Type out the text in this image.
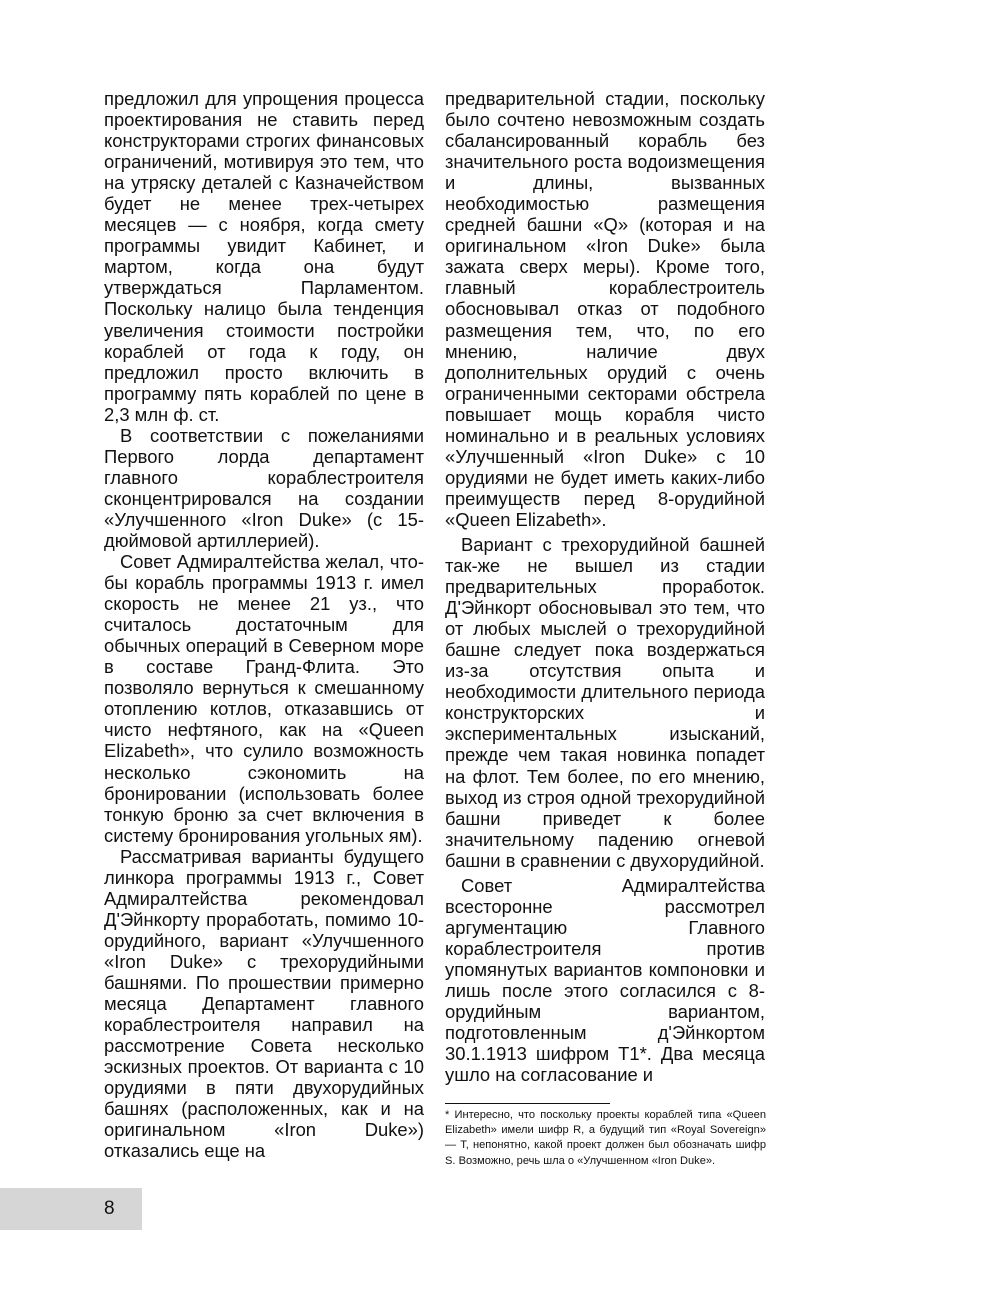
предложил для упрощения процесса проектирования не ставить перед конструкторами строгих финансовых ограничений, мотивируя это тем, что на утряску деталей с Казначейством будет не менее трех-четырех месяцев — с ноября, когда смету программы увидит Кабинет, и мартом, когда она будут утверждаться Парламентом. Поскольку налицо была тенденция увеличения стоимости постройки кораблей от года к году, он предложил просто включить в программу пять кораблей по цене в 2,3 млн ф. ст.

В соответствии с пожеланиями Первого лорда департамент главного кораблестроителя сконцентрировался на создании «Улучшенного «Iron Duke» (с 15-дюймовой артиллерией).

Совет Адмиралтейства желал, что-бы корабль программы 1913 г. имел скорость не менее 21 уз., что считалось достаточным для обычных операций в Северном море в составе Гранд-Флита. Это позволяло вернуться к смешанному отоплению котлов, отказавшись от чисто нефтяного, как на «Queen Elizabeth», что сулило возможность несколько сэкономить на бронировании (использовать более тонкую броню за счет включения в систему бронирования угольных ям).

Рассматривая варианты будущего линкора программы 1913 г., Совет Адмиралтейства рекомендовал Д'Эйнкорту проработать, помимо 10-орудийного, вариант «Улучшенного «Iron Duke» с трехорудийными башнями. По прошествии примерно месяца Департамент главного кораблестроителя направил на рассмотрение Совета несколько эскизных проектов. От варианта с 10 орудиями в пяти двухорудийных башнях (расположенных, как и на оригинальном «Iron Duke») отказались еще на

предварительной стадии, поскольку было сочтено невозможным создать сбалансированный корабль без значительного роста водоизмещения и длины, вызванных необходимостью размещения средней башни «Q» (которая и на оригинальном «Iron Duke» была зажата сверх меры). Кроме того, главный кораблестроитель обосновывал отказ от подобного размещения тем, что, по его мнению, наличие двух дополнительных орудий с очень ограниченными секторами обстрела повышает мощь корабля чисто номинально и в реальных условиях «Улучшенный «Iron Duke» с 10 орудиями не будет иметь каких-либо преимуществ перед 8-орудийной «Queen Elizabeth».

Вариант с трехорудийной башней так-же не вышел из стадии предварительных проработок. Д'Эйнкорт обосновывал это тем, что от любых мыслей о трехорудийной башне следует пока воздержаться из-за отсутствия опыта и необходимости длительного периода конструкторских и экспериментальных изысканий, прежде чем такая новинка попадет на флот. Тем более, по его мнению, выход из строя одной трехорудийной башни приведет к более значительному падению огневой башни в сравнении с двухорудийной.

Совет Адмиралтейства всесторонне рассмотрел аргументацию Главного кораблестроителя против упомянутых вариантов компоновки и лишь после этого согласился с 8-орудийным вариантом, подготовленным д'Эйнкортом 30.1.1913 шифром Т1*. Два месяца ушло на согласование и

* Интересно, что поскольку проекты кораблей типа «Queen Elizabeth» имели шифр R, а будущий тип «Royal Sovereign» — Т, непонятно, какой проект должен был обозначать шифр S. Возможно, речь шла о «Улучшенном «Iron Duke».

8
